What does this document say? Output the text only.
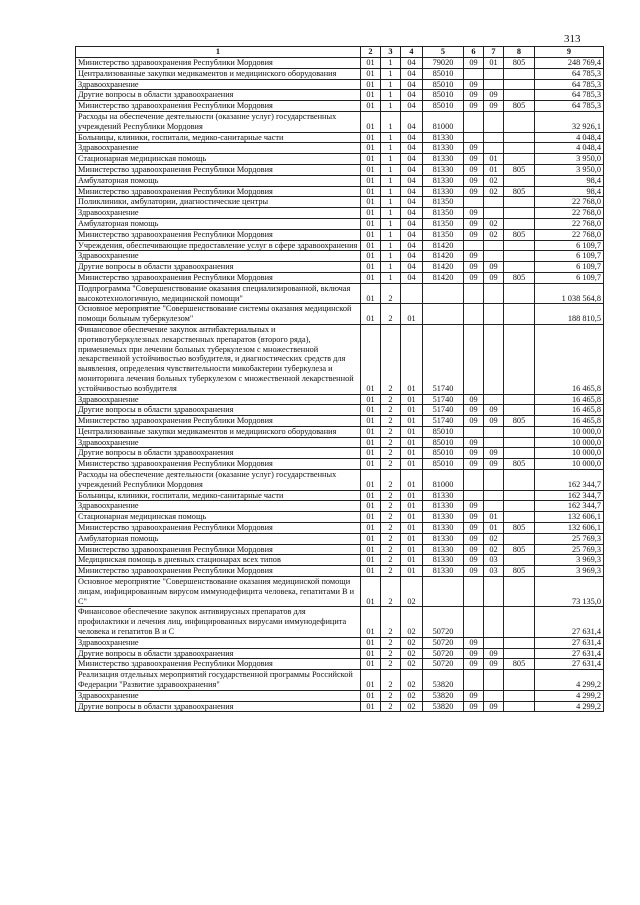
313
1	2	3	4	5	6	7	8	9
Министерство здравоохранения Республики Мордовия	01	1	04	79020	09	01	805	248 769,4
Централизованные закупки медикаментов и медицинского оборудования	01	1	04	85010				64 785,3
Здравоохранение	01	1	04	85010	09			64 785,3
Другие вопросы в области здравоохранения	01	1	04	85010	09	09		64 785,3
Министерство здравоохранения Республики Мордовия	01	1	04	85010	09	09	805	64 785,3
Расходы на обеспечение деятельности (оказание услуг) государственных учреждений Республики Мордовия	01	1	04	81000				32 926,1
Больницы, клиники, госпитали, медико-санитарные части	01	1	04	81330				4 048,4
Здравоохранение	01	1	04	81330	09			4 048,4
Стационарная медицинская помощь	01	1	04	81330	09	01		3 950,0
Министерство здравоохранения Республики Мордовия	01	1	04	81330	09	01	805	3 950,0
Амбулаторная помощь	01	1	04	81330	09	02		98,4
Министерство здравоохранения Республики Мордовия	01	1	04	81330	09	02	805	98,4
Поликлиники, амбулатории, диагностические центры	01	1	04	81350				22 768,0
Здравоохранение	01	1	04	81350	09			22 768,0
Амбулаторная помощь	01	1	04	81350	09	02		22 768,0
Министерство здравоохранения Республики Мордовия	01	1	04	81350	09	02	805	22 768,0
Учреждения, обеспечивающие предоставление услуг в сфере здравоохранения	01	1	04	81420				6 109,7
Здравоохранение	01	1	04	81420	09			6 109,7
Другие вопросы в области здравоохранения	01	1	04	81420	09	09		6 109,7
Министерство здравоохранения Республики Мордовия	01	1	04	81420	09	09	805	6 109,7
Подпрограмма "Совершенствование оказания специализированной, включая высокотехнологичную, медицинской помощи"	01	2						1 038 564,8
Основное мероприятие "Совершенствование системы оказания медицинской помощи больным туберкулезом"	01	2	01					188 810,5
Финансовое обеспечение закупок антибактериальных и противотуберкулезных лекарственных препаратов (второго ряда), применяемых при лечении больных туберкулезом с множественной лекарственной устойчивостью возбудителя, и диагностических средств для выявления, определения чувствительности микобактерии туберкулеза и мониторинга лечения больных туберкулезом с множественной лекарственной устойчивостью возбудителя	01	2	01	51740				16 465,8
Здравоохранение	01	2	01	51740	09			16 465,8
Другие вопросы в области здравоохранения	01	2	01	51740	09	09		16 465,8
Министерство здравоохранения Республики Мордовия	01	2	01	51740	09	09	805	16 465,8
Централизованные закупки медикаментов и медицинского оборудования	01	2	01	85010				10 000,0
Здравоохранение	01	2	01	85010	09			10 000,0
Другие вопросы в области здравоохранения	01	2	01	85010	09	09		10 000,0
Министерство здравоохранения Республики Мордовия	01	2	01	85010	09	09	805	10 000,0
Расходы на обеспечение деятельности (оказание услуг) государственных учреждений Республики Мордовия	01	2	01	81000				162 344,7
Больницы, клиники, госпитали, медико-санитарные части	01	2	01	81330				162 344,7
Здравоохранение	01	2	01	81330	09			162 344,7
Стационарная медицинская помощь	01	2	01	81330	09	01		132 606,1
Министерство здравоохранения Республики Мордовия	01	2	01	81330	09	01	805	132 606,1
Амбулаторная помощь	01	2	01	81330	09	02		25 769,3
Министерство здравоохранения Республики Мордовия	01	2	01	81330	09	02	805	25 769,3
Медицинская помощь в дневных стационарах всех типов	01	2	01	81330	09	03		3 969,3
Министерство здравоохранения Республики Мордовия	01	2	01	81330	09	03	805	3 969,3
Основное мероприятие "Совершенствование оказания медицинской помощи лицам, инфицированным вирусом иммунодефицита человека, гепатитами B и C"	01	2	02					73 135,0
Финансовое обеспечение закупок антивирусных препаратов для профилактики и лечения лиц, инфицированных вирусами иммунодефицита человека и гепатитов B и C	01	2	02	50720				27 631,4
Здравоохранение	01	2	02	50720	09			27 631,4
Другие вопросы в области здравоохранения	01	2	02	50720	09	09		27 631,4
Министерство здравоохранения Республики Мордовия	01	2	02	50720	09	09	805	27 631,4
Реализация отдельных мероприятий государственной программы Российской Федерации "Развитие здравоохранения"	01	2	02	53820				4 299,2
Здравоохранение	01	2	02	53820	09			4 299,2
Другие вопросы в области здравоохранения	01	2	02	53820	09	09		4 299,2
